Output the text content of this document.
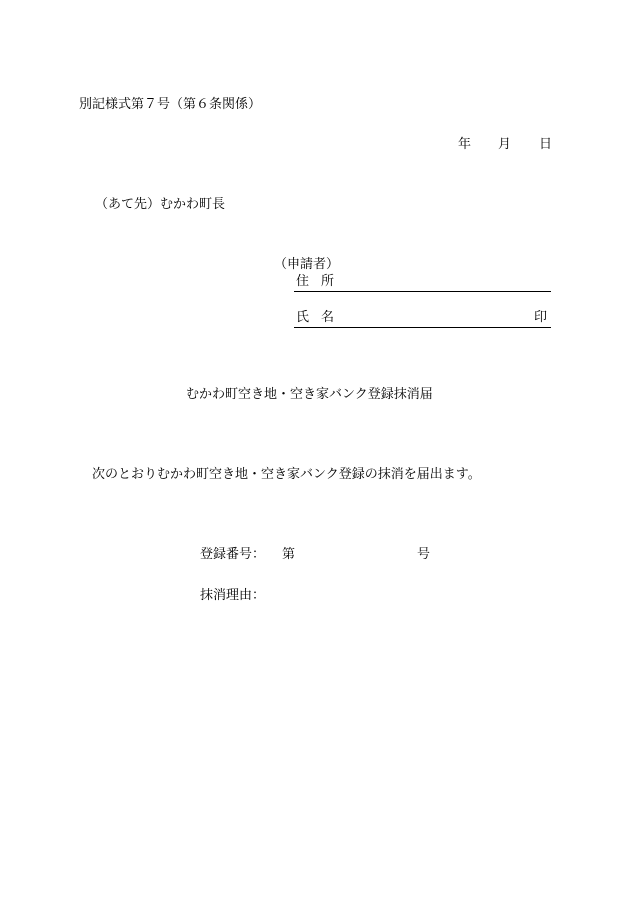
別記様式第７号（第６条関係）
年 月 日
（あて先）むかわ町長
（申請者）
住所
氏名	印
むかわ町空き地・空き家バンク登録抹消届
次のとおりむかわ町空き地・空き家バンク登録の抹消を届出ます。
登録番号： 第	号
抹消理由：
